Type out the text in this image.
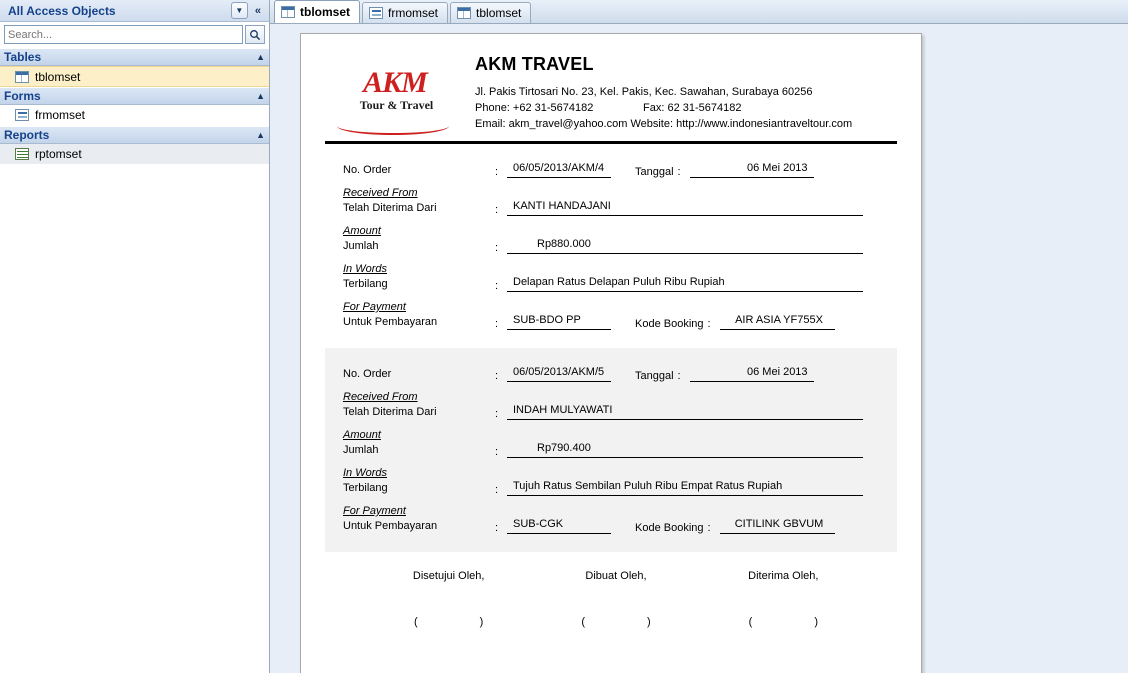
All Access Objects	▼	«
Search...
Tables	▲
tblomset
Forms	▲
frmomset
Reports	▲
rptomset
tblomset	frmomset	tblomset
AKMTour & Travel
AKM TRAVEL
Jl. Pakis Tirtosari No. 23, Kel. Pakis, Kec. Sawahan, Surabaya 60256
Phone: +62 31-5674182	Fax: 62 31-5674182
Email: akm_travel@yahoo.com Website: http://www.indonesiantraveltour.com
No. Order	:	06/05/2013/AKM/4	Tanggal :	06 Mei 2013
Received From
Telah Diterima Dari	:	KANTI HANDAJANI
Amount
Jumlah	:	Rp880.000
In Words
Terbilang	:	Delapan Ratus Delapan Puluh Ribu Rupiah
For Payment
Untuk Pembayaran	:	SUB-BDO PP	Kode Booking :	AIR ASIA YF755X
No. Order	:	06/05/2013/AKM/5	Tanggal :	06 Mei 2013
Received From
Telah Diterima Dari	:	INDAH MULYAWATI
Amount
Jumlah	:	Rp790.400
In Words
Terbilang	:	Tujuh Ratus Sembilan Puluh Ribu Empat Ratus Rupiah
For Payment
Untuk Pembayaran	:	SUB-CGK	Kode Booking :	CITILINK GBVUM
Disetujui Oleh,
(	)
Dibuat Oleh,
(	)
Diterima Oleh,
(	)
